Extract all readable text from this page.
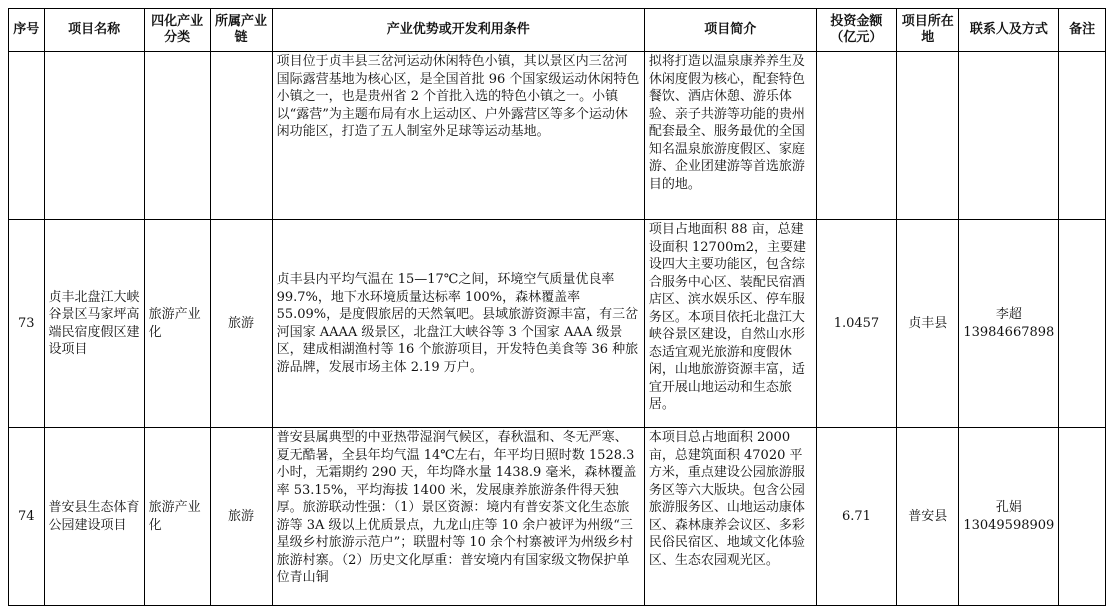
序号	项目名称	四化产业分类	所属产业链	产业优势或开发利用条件	项目简介	投资金额（亿元）	项目所在地	联系人及方式	备注
				项目位于贞丰县三岔河运动休闲特色小镇，其以景区内三岔河国际露营基地为核心区，是全国首批 96 个国家级运动休闲特色小镇之一，也是贵州省 2 个首批入选的特色小镇之一。小镇以“露营”为主题布局有水上运动区、户外露营区等多个运动休闲功能区，打造了五人制室外足球等运动基地。	拟将打造以温泉康养养生及休闲度假为核心，配套特色餐饮、酒店休憩、游乐体验、亲子共游等功能的贵州配套最全、服务最优的全国知名温泉旅游度假区、家庭游、企业团建游等首选旅游目的地。				
73	贞丰北盘江大峡谷景区马家坪高端民宿度假区建设项目	旅游产业化	旅游	贞丰县内平均气温在 15—17℃之间，环境空气质量优良率 99.7%，地下水环境质量达标率 100%，森林覆盖率 55.09%，是度假旅居的天然氧吧。县域旅游资源丰富，有三岔河国家 AAAA 级景区，北盘江大峡谷等 3 个国家 AAA 级景区，建成相湖渔村等 16 个旅游项目，开发特色美食等 36 种旅游品牌，发展市场主体 2.19 万户。	项目占地面积 88 亩，总建设面积 12700m2，主要建设四大主要功能区，包含综合服务中心区、装配民宿酒店区、滨水娱乐区、停车服务区。本项目依托北盘江大峡谷景区建设，自然山水形态适宜观光旅游和度假休闲，山地旅游资源丰富，适宜开展山地运动和生态旅居。	1.0457	贞丰县	李超 13984667898	
74	普安县生态体育公园建设项目	旅游产业化	旅游	普安县属典型的中亚热带湿润气候区，春秋温和、冬无严寒、夏无酷暑，全县年均气温 14℃左右，年平均日照时数 1528.3 小时，无霜期约 290 天，年均降水量 1438.9 毫米，森林覆盖率 53.15%，平均海拔 1400 米，发展康养旅游条件得天独厚。旅游联动性强：（1）景区资源：境内有普安茶文化生态旅游等 3A 级以上优质景点，九龙山庄等 10 余户被评为州级“三星级乡村旅游示范户”；联盟村等 10 余个村寨被评为州级乡村旅游村寨。（2）历史文化厚重：普安境内有国家级文物保护单位青山铜	本项目总占地面积 2000 亩，总建筑面积 47020 平方米，重点建设公园旅游服务区等六大版块。包含公园旅游服务区、山地运动康体区、森林康养会议区、多彩民俗民宿区、地域文化体验区、生态农园观光区。	6.71	普安县	孔娟 13049598909	
